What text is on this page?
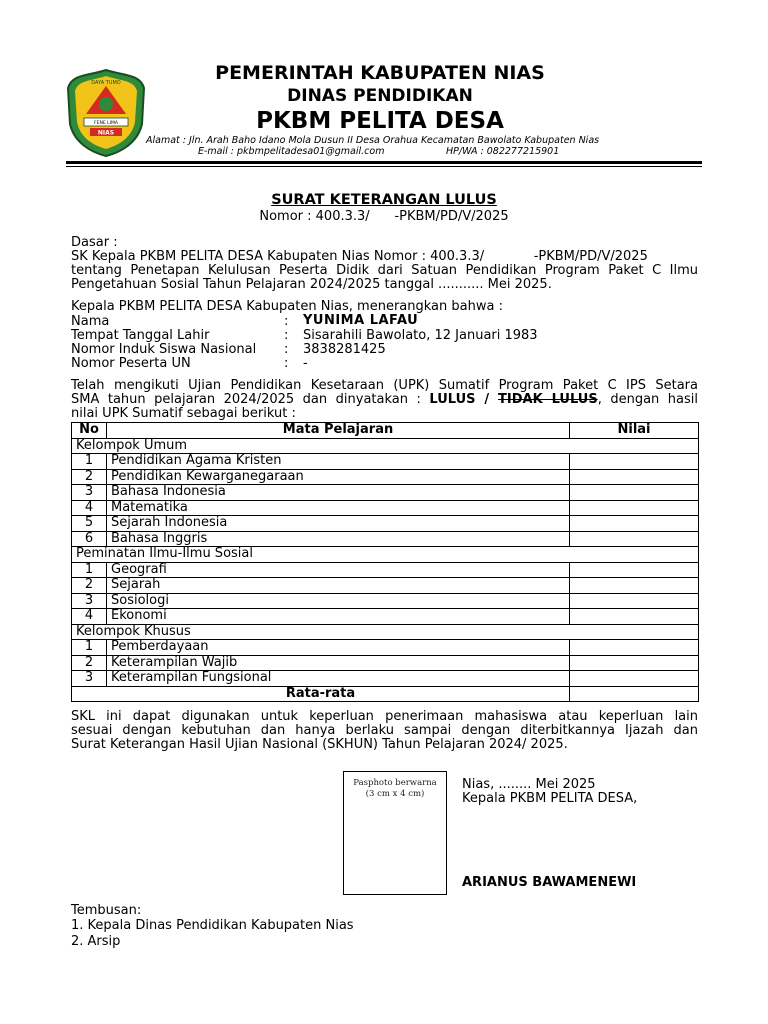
DAYA TUMO
FENE LIMA
NIAS
PEMERINTAH KABUPATEN NIAS
DINAS PENDIDIKAN
PKBM PELITA DESA
Alamat : Jln. Arah Baho Idano Mola Dusun II Desa Orahua Kecamatan Bawolato Kabupaten Nias
E-mail : pkbmpelitadesa01@gmail.com	HP/WA : 082277215901
SURAT KETERANGAN LULUS
Nomor : 400.3.3/      -PKBM/PD/V/2025
Dasar :
SK Kepala PKBM PELITA DESA Kabupaten Nias Nomor : 400.3.3/            -PKBM/PD/V/2025
tentang Penetapan Kelulusan Peserta Didik dari Satuan Pendidikan Program Paket C Ilmu
Pengetahuan Sosial Tahun Pelajaran 2024/2025 tanggal ........... Mei 2025.
Kepala PKBM PELITA DESA Kabupaten Nias, menerangkan bahwa :
Nama	: YUNIMA LAFAU
Tempat Tanggal Lahir	: Sisarahili Bawolato, 12 Januari 1983
Nomor Induk Siswa Nasional : 3838281425
Nomor Peserta UN	: -
Telah mengikuti Ujian Pendidikan Kesetaraan (UPK) Sumatif Program Paket C IPS Setara
SMA tahun pelajaran 2024/2025 dan dinyatakan : LULUS / TIDAK LULUS, dengan hasil
nilai UPK Sumatif sebagai berikut :
No	Mata Pelajaran	Nilai
Kelompok Umum		
1	Pendidikan Agama Kristen	
2	Pendidikan Kewarganegaraan	
3	Bahasa Indonesia	
4	Matematika	
5	Sejarah Indonesia	
6	Bahasa Inggris	
Peminatan Ilmu-Ilmu Sosial		
1	Geografi	
2	Sejarah	
3	Sosiologi	
4	Ekonomi	
Kelompok Khusus		
1	Pemberdayaan	
2	Keterampilan Wajib	
3	Keterampilan Fungsional	
Rata-rata		
SKL ini dapat digunakan untuk keperluan penerimaan mahasiswa atau keperluan lain
sesuai dengan kebutuhan dan hanya berlaku sampai dengan diterbitkannya Ijazah dan
Surat Keterangan Hasil Ujian Nasional (SKHUN) Tahun Pelajaran 2024/ 2025.
Pasphoto berwarna
(3 cm x 4 cm)
Nias, ........ Mei 2025
Kepala PKBM PELITA DESA,
ARIANUS BAWAMENEWI
Tembusan:
1. Kepala Dinas Pendidikan Kabupaten Nias
2. Arsip
